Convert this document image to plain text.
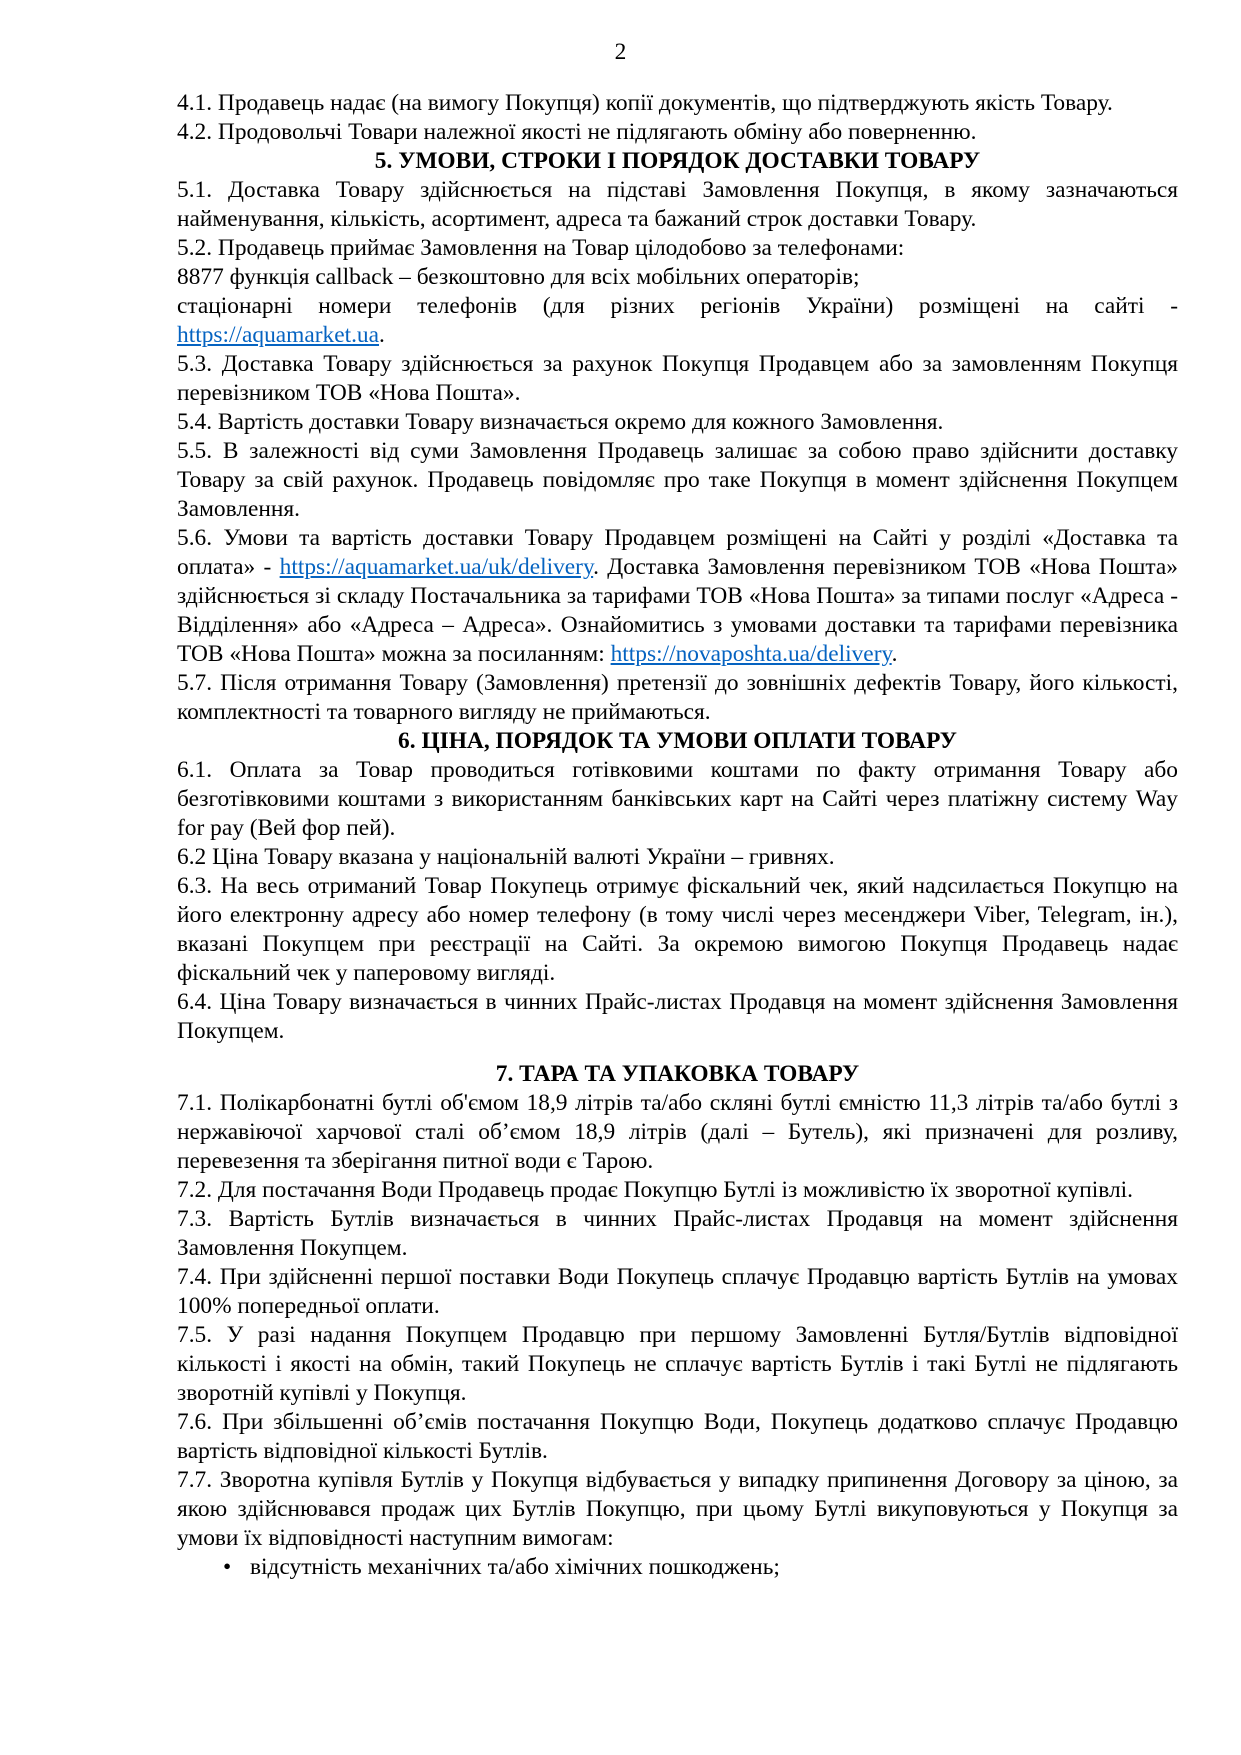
2

4.1. Продавець надає (на вимогу Покупця) копії документів, що підтверджують якість Товару.

4.2. Продовольчі Товари належної якості не підлягають обміну або поверненню.

5. УМОВИ, СТРОКИ І ПОРЯДОК ДОСТАВКИ ТОВАРУ

5.1. Доставка Товару здійснюється на підставі Замовлення Покупця, в якому зазначаються найменування, кількість, асортимент, адреса та бажаний строк доставки Товару.

5.2. Продавець приймає Замовлення на Товар цілодобово за телефонами:

8877 функція callback – безкоштовно для всіх мобільних операторів;

стаціонарні номери телефонів (для різних регіонів України) розміщені на сайті - https://aquamarket.ua.

5.3. Доставка Товару здійснюється за рахунок Покупця Продавцем або за замовленням Покупця перевізником ТОВ «Нова Пошта».

5.4. Вартість доставки Товару визначається окремо для кожного Замовлення.

5.5. В залежності від суми Замовлення Продавець залишає за собою право здійснити доставку Товару за свій рахунок. Продавець повідомляє про таке Покупця в момент здійснення Покупцем Замовлення.

5.6. Умови та вартість доставки Товару Продавцем розміщені на Сайті у розділі «Доставка та оплата» - https://aquamarket.ua/uk/delivery. Доставка Замовлення перевізником ТОВ «Нова Пошта» здійснюється зі складу Постачальника за тарифами ТОВ «Нова Пошта» за типами послуг «Адреса - Відділення» або «Адреса – Адреса». Ознайомитись з умовами доставки та тарифами перевізника ТОВ «Нова Пошта» можна за посиланням: https://novaposhta.ua/delivery.

5.7. Після отримання Товару (Замовлення) претензії до зовнішніх дефектів Товару, його кількості, комплектності та товарного вигляду не приймаються.

6. ЦІНА, ПОРЯДОК ТА УМОВИ ОПЛАТИ ТОВАРУ

6.1. Оплата за Товар проводиться готівковими коштами по факту отримання Товару або безготівковими коштами з використанням банківських карт на Сайті через платіжну систему Way for pay (Вей фор пей).

6.2 Ціна Товару вказана у національній валюті України – гривнях.

6.3. На весь отриманий Товар Покупець отримує фіскальний чек, який надсилається Покупцю на його електронну адресу або номер телефону (в тому числі через месенджери Viber, Telegram, ін.), вказані Покупцем при реєстрації на Сайті. За окремою вимогою Покупця Продавець надає фіскальний чек у паперовому вигляді.

6.4. Ціна Товару визначається в чинних Прайс-листах Продавця на момент здійснення Замовлення Покупцем.

7. ТАРА ТА УПАКОВКА ТОВАРУ

7.1. Полікарбонатні бутлі об'ємом 18,9 літрів та/або скляні бутлі ємністю 11,3 літрів та/або бутлі з нержавіючої харчової сталі об’ємом 18,9 літрів (далі – Бутель), які призначені для розливу, перевезення та зберігання питної води є Тарою.

7.2. Для постачання Води Продавець продає Покупцю Бутлі із можливістю їх зворотної купівлі.

7.3. Вартість Бутлів визначається в чинних Прайс-листах Продавця на момент здійснення Замовлення Покупцем.

7.4. При здійсненні першої поставки Води Покупець сплачує Продавцю вартість Бутлів на умовах 100% попередньої оплати.

7.5. У разі надання Покупцем Продавцю при першому Замовленні Бутля/Бутлів відповідної кількості і якості на обмін, такий Покупець не сплачує вартість Бутлів і такі Бутлі не підлягають зворотній купівлі у Покупця.

7.6. При збільшенні об’ємів постачання Покупцю Води, Покупець додатково сплачує Продавцю вартість відповідної кількості Бутлів.

7.7. Зворотна купівля Бутлів у Покупця відбувається у випадку припинення Договору за ціною, за якою здійснювався продаж цих Бутлів Покупцю, при цьому Бутлі викуповуються у Покупця за умови їх відповідності наступним вимогам:

• відсутність механічних та/або хімічних пошкоджень;
